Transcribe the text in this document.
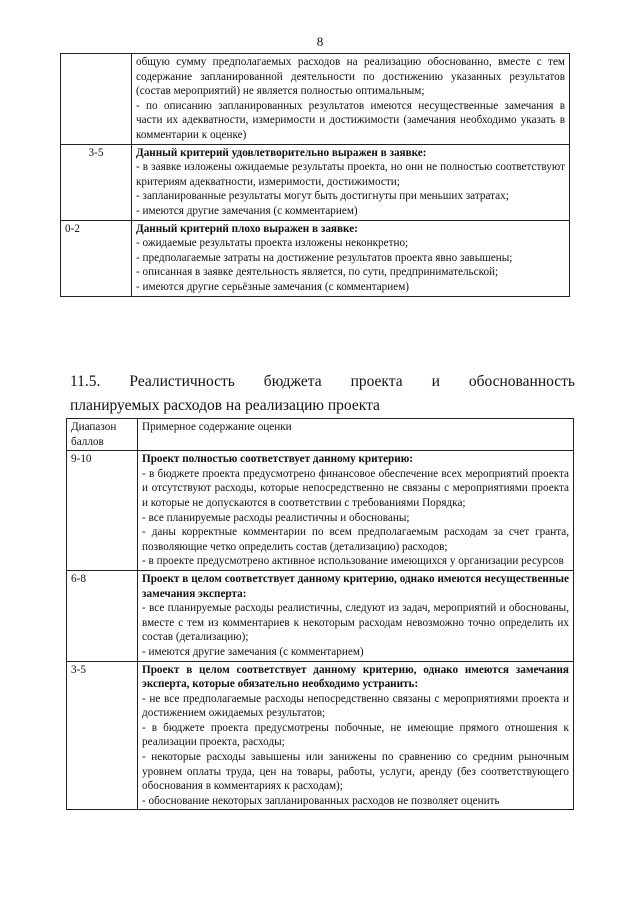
8

	общую сумму предполагаемых расходов на реализацию обоснованно, вместе с тем содержание запланированной деятельности по достижению указанных результатов (состав мероприятий) не является полностью оптимальным;

- по описанию запланированных результатов имеются несущественные замечания в части их адекватности, измеримости и достижимости (замечания необходимо указать в комментарии к оценке)

3-5	Данный критерий удовлетворительно выражен в заявке:

- в заявке изложены ожидаемые результаты проекта, но они не полностью соответствуют критериям адекватности, измеримости, достижимости;

- запланированные результаты могут быть достигнуты при меньших затратах;

- имеются другие замечания (с комментарием)

0-2	Данный критерий плохо выражен в заявке:

- ожидаемые результаты проекта изложены неконкретно;

- предполагаемые затраты на достижение результатов проекта явно завышены;

- описанная в заявке деятельность является, по сути, предпринимательской;

- имеются другие серьёзные замечания (с комментарием)

11.5. Реалистичность бюджета проекта и обоснованность
планируемых расходов на реализацию проекта
Диапазон баллов	Примерное содержание оценки
9-10	Проект полностью соответствует данному критерию:

- в бюджете проекта предусмотрено финансовое обеспечение всех мероприятий проекта и отсутствуют расходы, которые непосредственно не связаны с мероприятиями проекта и которые не допускаются в соответствии с требованиями Порядка;

- все планируемые расходы реалистичны и обоснованы;

- даны корректные комментарии по всем предполагаемым расходам за счет гранта, позволяющие четко определить состав (детализацию) расходов;

- в проекте предусмотрено активное использование имеющихся у организации ресурсов

6-8	Проект в целом соответствует данному критерию, однако имеются несущественные замечания эксперта:

- все планируемые расходы реалистичны, следуют из задач, мероприятий и обоснованы, вместе с тем из комментариев к некоторым расходам невозможно точно определить их состав (детализацию);

- имеются другие замечания (с комментарием)

3-5	Проект в целом соответствует данному критерию, однако имеются замечания эксперта, которые обязательно необходимо устранить:

- не все предполагаемые расходы непосредственно связаны с мероприятиями проекта и достижением ожидаемых результатов;

- в бюджете проекта предусмотрены побочные, не имеющие прямого отношения к реализации проекта, расходы;

- некоторые расходы завышены или занижены по сравнению со средним рыночным уровнем оплаты труда, цен на товары, работы, услуги, аренду (без соответствующего обоснования в комментариях к расходам);

- обоснование некоторых запланированных расходов не позволяет оценить
